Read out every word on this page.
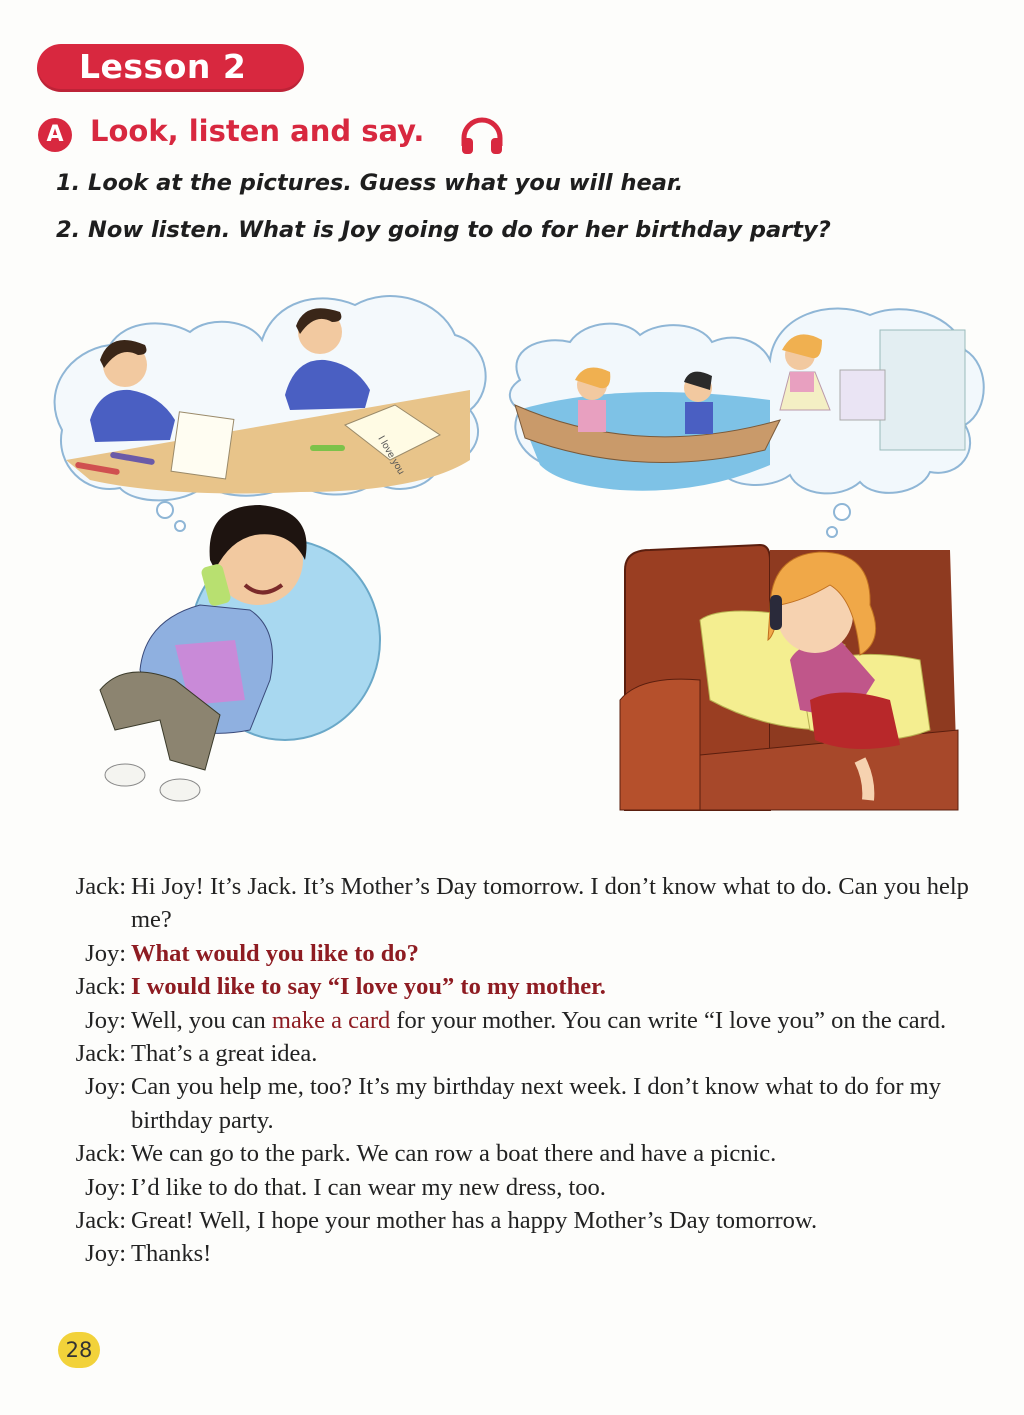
Lesson 2
A Look, listen and say.
1. Look at the pictures. Guess what you will hear.
2. Now listen. What is Joy going to do for her birthday party?
I love you
Jack: Hi Joy! It’s Jack. It’s Mother’s Day tomorrow. I don’t know what to do. Can you help me?
Joy: What would you like to do?
Jack: I would like to say “I love you” to my mother.
Joy: Well, you can make a card for your mother. You can write “I love you” on the card.
Jack: That’s a great idea.
Joy: Can you help me, too? It’s my birthday next week. I don’t know what to do for my birthday party.
Jack: We can go to the park. We can row a boat there and have a picnic.
Joy: I’d like to do that. I can wear my new dress, too.
Jack: Great! Well, I hope your mother has a happy Mother’s Day tomorrow.
Joy: Thanks!
28
